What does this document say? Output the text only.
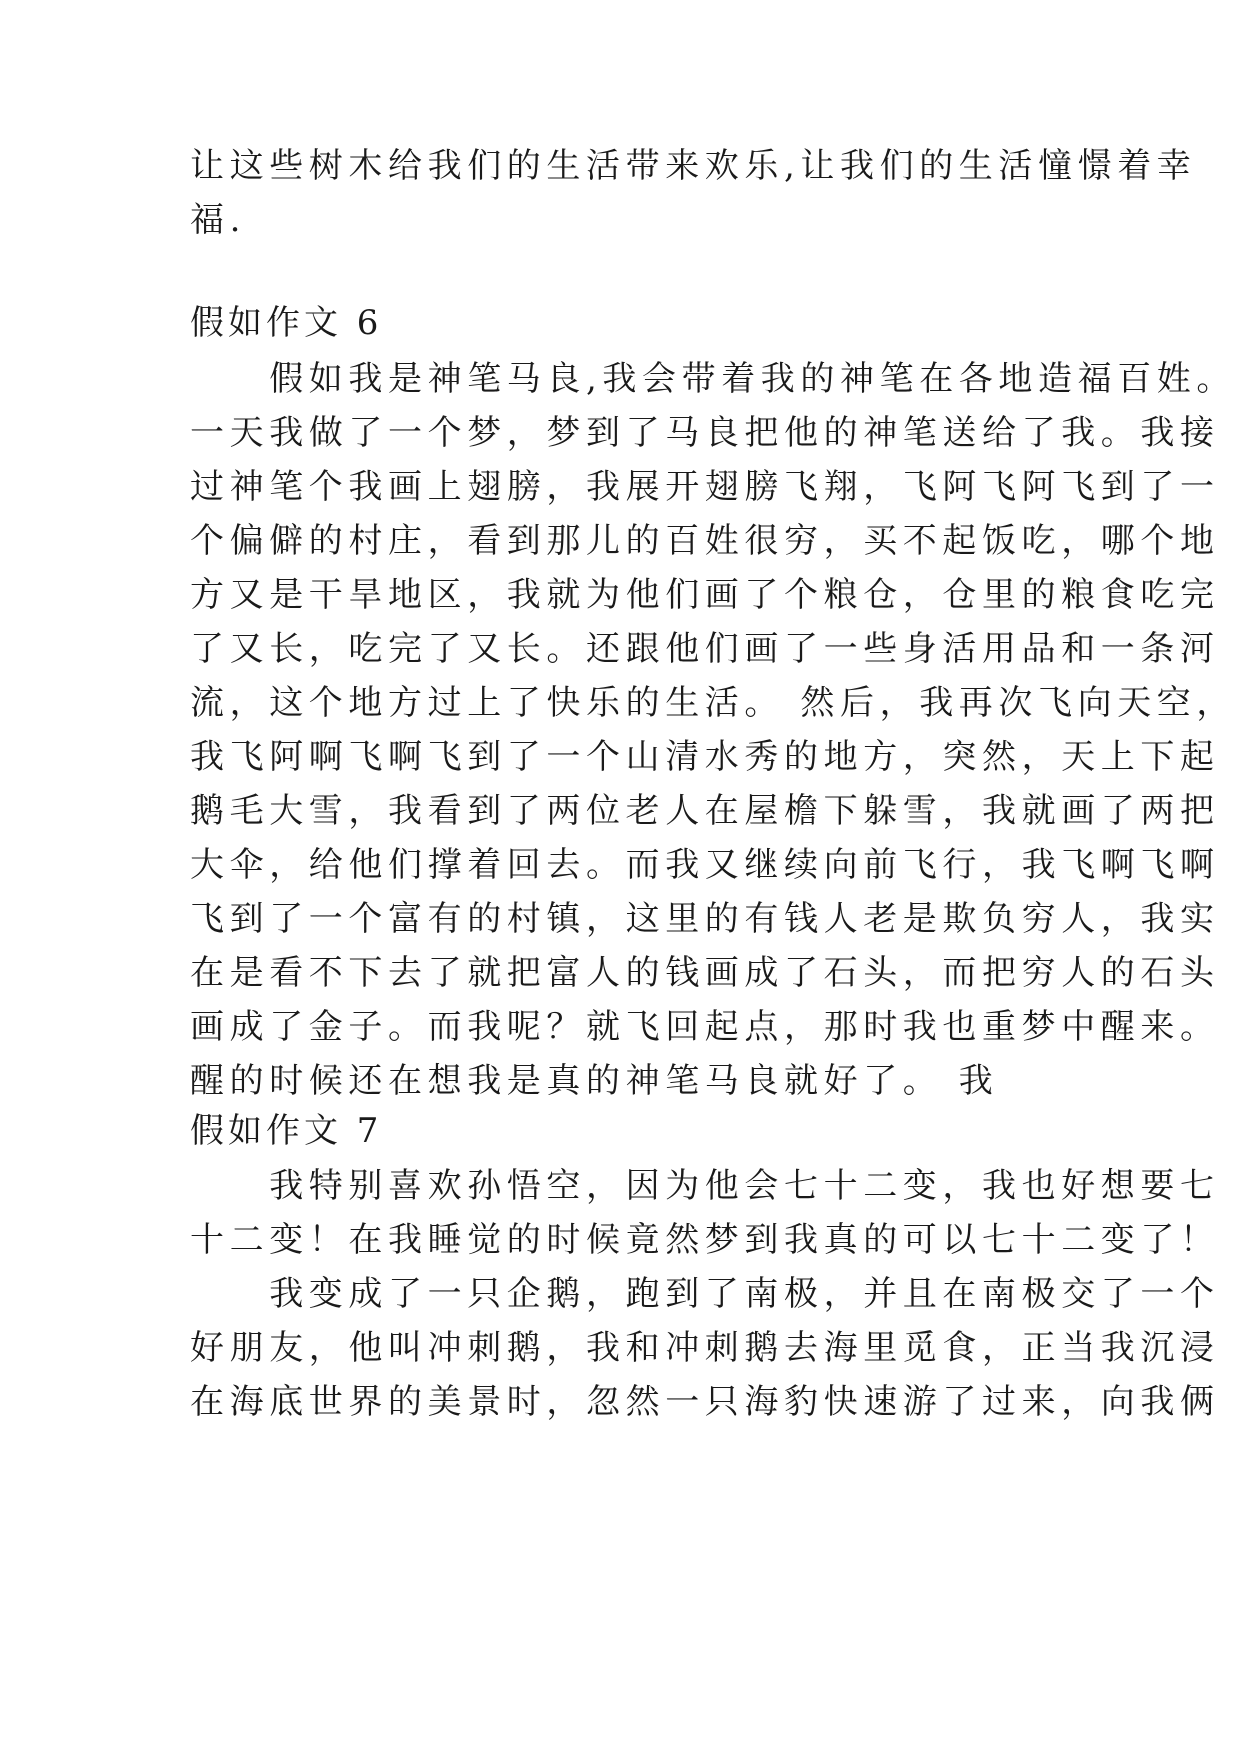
让这些树木给我们的生活带来欢乐,让我们的生活憧憬着幸
福.
假如作文 6
　　假如我是神笔马良,我会带着我的神笔在各地造福百姓。
一天我做了一个梦，梦到了马良把他的神笔送给了我。我接
过神笔个我画上翅膀，我展开翅膀飞翔，飞阿飞阿飞到了一
个偏僻的村庄，看到那儿的百姓很穷，买不起饭吃，哪个地
方又是干旱地区，我就为他们画了个粮仓，仓里的粮食吃完
了又长，吃完了又长。还跟他们画了一些身活用品和一条河
流，这个地方过上了快乐的生活。 然后，我再次飞向天空，
我飞阿啊飞啊飞到了一个山清水秀的地方，突然，天上下起
鹅毛大雪，我看到了两位老人在屋檐下躲雪，我就画了两把
大伞，给他们撑着回去。而我又继续向前飞行，我飞啊飞啊
飞到了一个富有的村镇，这里的有钱人老是欺负穷人，我实
在是看不下去了就把富人的钱画成了石头，而把穷人的石头
画成了金子。而我呢？就飞回起点，那时我也重梦中醒来。
醒的时候还在想我是真的神笔马良就好了。 我
假如作文 7
　　我特别喜欢孙悟空，因为他会七十二变，我也好想要七
十二变！在我睡觉的时候竟然梦到我真的可以七十二变了！
　　我变成了一只企鹅，跑到了南极，并且在南极交了一个
好朋友，他叫冲刺鹅，我和冲刺鹅去海里觅食，正当我沉浸
在海底世界的美景时，忽然一只海豹快速游了过来，向我俩
